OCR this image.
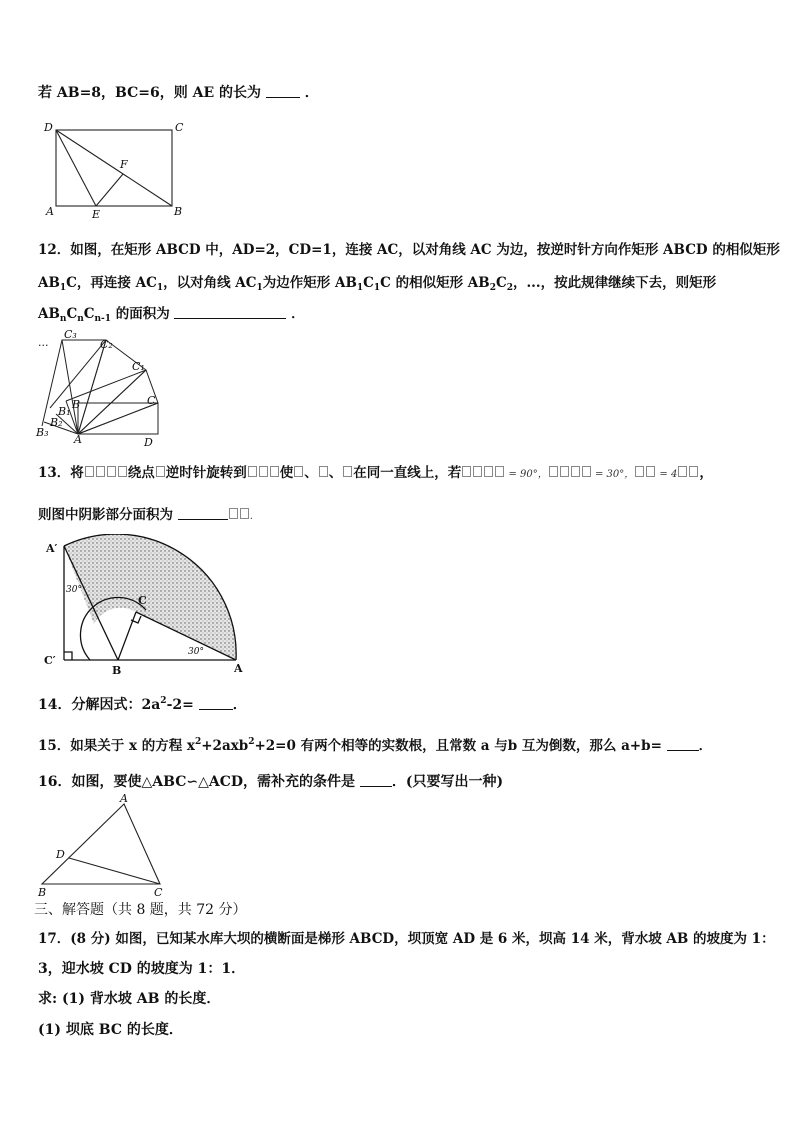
若 AB=8，BC=6，则 AE 的长为	．
D	C
F
A	E	B
12．如图，在矩形 ABCD 中，AD=2，CD=1，连接 AC，以对角线 AC 为边，按逆时针方向作矩形 ABCD 的相似矩形
$AB_1C$，再连接 $AC_1$，以对角线 $AC_1$为边作矩形 $AB_1C_1C$ 的相似矩形 $AB_2C_2$，...，按此规律继续下去，则矩形
$AB_nC_nC_{n-1}$ 的面积为	．
...
C₃
C₂
C₁
C
B
B₁
B₂
B₃
A	D
13．将	绕点 逆时针旋转到 使 、 、 在同一直线上，若	= 90°，	= 30°， = 4 ，
则图中阴影部分面积为	.
A′
C′
B
C
A
30°
30°
14．分解因式：$2a^2-2=$	．
15．如果关于 x 的方程 $x^2+2axb^2+2=0$ 有两个相等的实数根，且常数 a 与b 互为倒数，那么 a+b=	．
16．如图，要使△ABC∽△ACD，需补充的条件是	．(只要写出一种)
A
D
B	C
三、解答题（共 8 题，共 72 分）
17．(8 分) 如图，已知某水库大坝的横断面是梯形 ABCD，坝顶宽 AD 是 6 米，坝高 14 米，背水坡 AB 的坡度为 1：
3，迎水坡 CD 的坡度为 1：1．
求: (1) 背水坡 AB 的长度．
(1) 坝底 BC 的长度．
